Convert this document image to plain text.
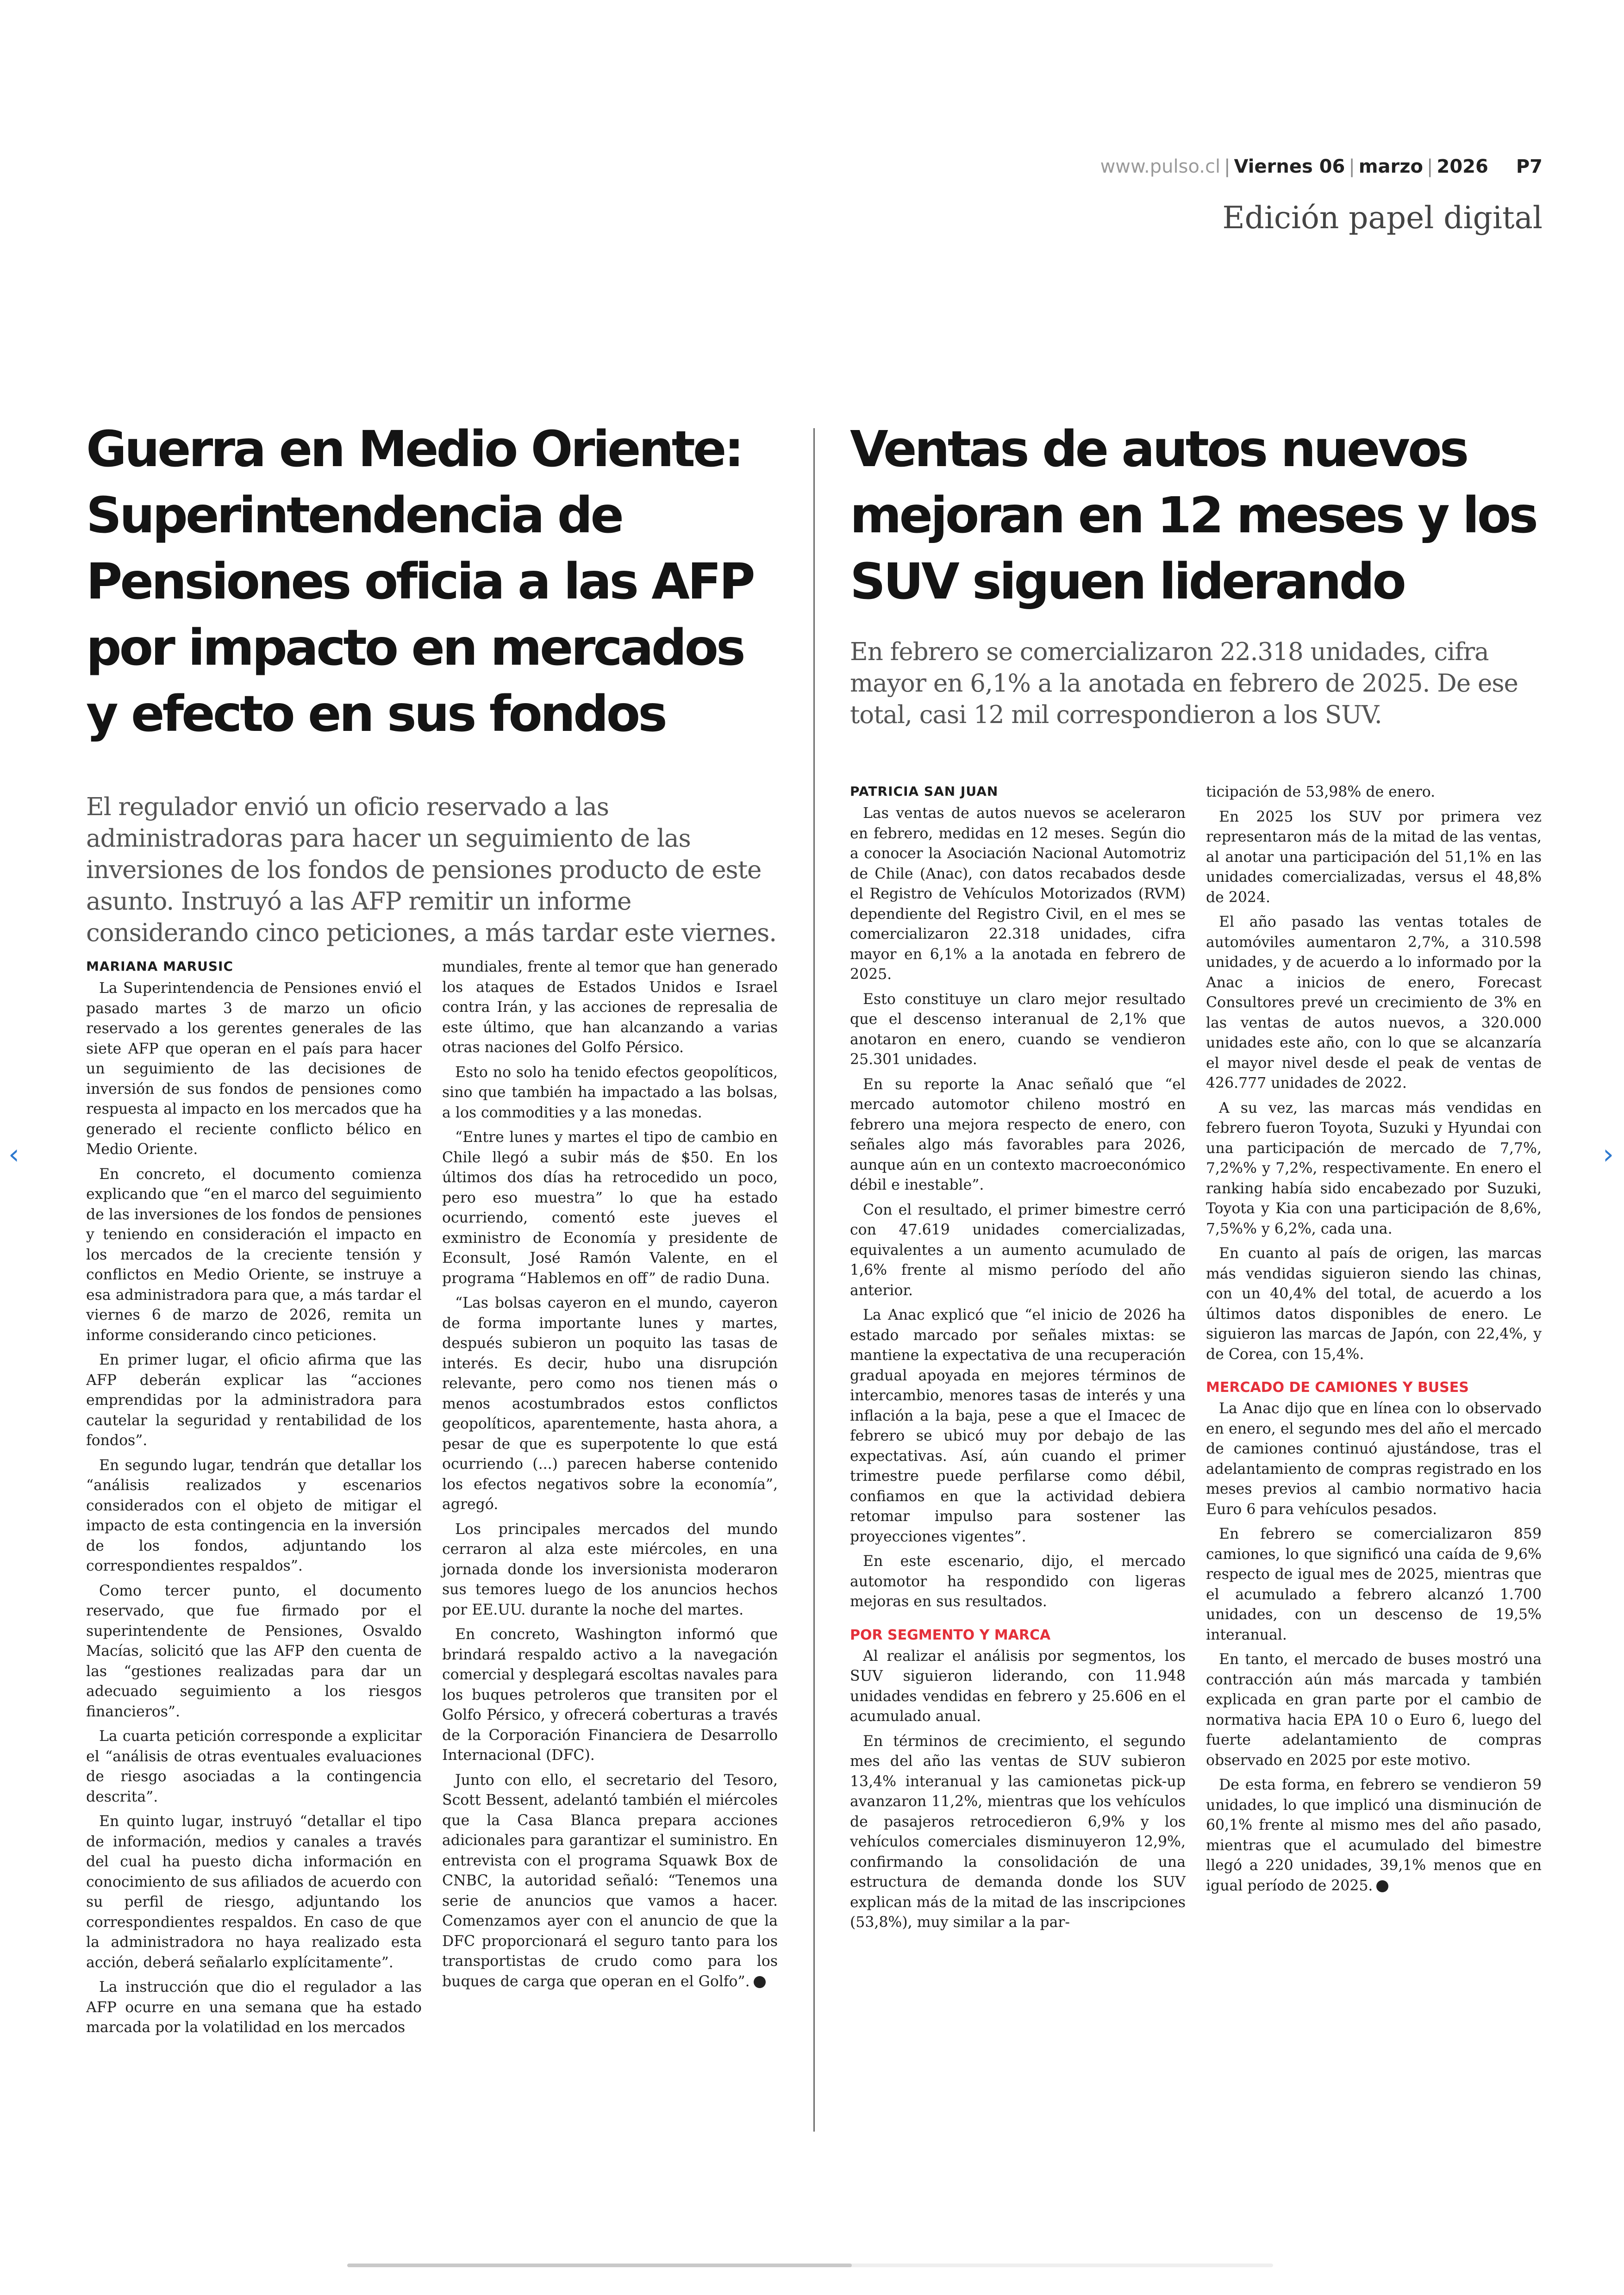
www.pulso.cl | Viernes 06 | marzo | 2026 P7
Edición papel digital
‹	›
Guerra en Medio Oriente: Superintendencia de Pensiones oficia a las AFP por impacto en mercados y efecto en sus fondos

El regulador envió un oficio reservado a las administradoras para hacer un seguimiento de las inversiones de los fondos de pensiones producto de este asunto. Instruyó a las AFP remitir un informe considerando cinco peticiones, a más tardar este viernes.

MARIANA MARUSIC

La Superintendencia de Pensiones envió el pasado martes 3 de marzo un oficio reservado a los gerentes generales de las siete AFP que operan en el país para hacer un seguimiento de las decisiones de inversión de sus fondos de pensiones como respuesta al impacto en los mercados que ha generado el reciente conflicto bélico en Medio Oriente.

En concreto, el documento comienza explicando que “en el marco del seguimiento de las inversiones de los fondos de pensiones y teniendo en consideración el impacto en los mercados de la creciente tensión y conflictos en Medio Oriente, se instruye a esa administradora para que, a más tardar el viernes 6 de marzo de 2026, remita un informe considerando cinco peticiones.

En primer lugar, el oficio afirma que las AFP deberán explicar las “acciones emprendidas por la administradora para cautelar la seguridad y rentabilidad de los fondos”.

En segundo lugar, tendrán que detallar los “análisis realizados y escenarios considerados con el objeto de mitigar el impacto de esta contingencia en la inversión de los fondos, adjuntando los correspondientes respaldos”.

Como tercer punto, el documento reservado, que fue firmado por el superintendente de Pensiones, Osvaldo Macías, solicitó que las AFP den cuenta de las “gestiones realizadas para dar un adecuado seguimiento a los riesgos financieros”.

La cuarta petición corresponde a explicitar el “análisis de otras eventuales evaluaciones de riesgo asociadas a la contingencia descrita”.

En quinto lugar, instruyó “detallar el tipo de información, medios y canales a través del cual ha puesto dicha información en conocimiento de sus afiliados de acuerdo con su perfil de riesgo, adjuntando los correspondientes respaldos. En caso de que la administradora no haya realizado esta acción, deberá señalarlo explícitamente”.

La instrucción que dio el regulador a las AFP ocurre en una semana que ha estado marcada por la volatilidad en los mercados

mundiales, frente al temor que han generado los ataques de Estados Unidos e Israel contra Irán, y las acciones de represalia de este último, que han alcanzando a varias otras naciones del Golfo Pérsico.

Esto no solo ha tenido efectos geopolíticos, sino que también ha impactado a las bolsas, a los commodities y a las monedas.

“Entre lunes y martes el tipo de cambio en Chile llegó a subir más de $50. En los últimos dos días ha retrocedido un poco, pero eso muestra” lo que ha estado ocurriendo, comentó este jueves el exministro de Economía y presidente de Econsult, José Ramón Valente, en el programa “Hablemos en off” de radio Duna.

“Las bolsas cayeron en el mundo, cayeron de forma importante lunes y martes, después subieron un poquito las tasas de interés. Es decir, hubo una disrupción relevante, pero como nos tienen más o menos acostumbrados estos conflictos geopolíticos, aparentemente, hasta ahora, a pesar de que es superpotente lo que está ocurriendo (...) parecen haberse contenido los efectos negativos sobre la economía”, agregó.

Los principales mercados del mundo cerraron al alza este miércoles, en una jornada donde los inversionista moderaron sus temores luego de los anuncios hechos por EE.UU. durante la noche del martes.

En concreto, Washington informó que brindará respaldo activo a la navegación comercial y desplegará escoltas navales para los buques petroleros que transiten por el Golfo Pérsico, y ofrecerá coberturas a través de la Corporación Financiera de Desarrollo Internacional (DFC).

Junto con ello, el secretario del Tesoro, Scott Bessent, adelantó también el miércoles que la Casa Blanca prepara acciones adicionales para garantizar el suministro. En entrevista con el programa Squawk Box de CNBC, la autoridad señaló: “Tenemos una serie de anuncios que vamos a hacer. Comenzamos ayer con el anuncio de que la DFC proporcionará el seguro tanto para los transportistas de crudo como para los buques de carga que operan en el Golfo”. P

Ventas de autos nuevos mejoran en 12 meses y los SUV siguen liderando

En febrero se comercializaron 22.318 unidades, cifra mayor en 6,1% a la anotada en febrero de 2025. De ese total, casi 12 mil correspondieron a los SUV.

PATRICIA SAN JUAN

Las ventas de autos nuevos se aceleraron en febrero, medidas en 12 meses. Según dio a conocer la Asociación Nacional Automotriz de Chile (Anac), con datos recabados desde el Registro de Vehículos Motorizados (RVM) dependiente del Registro Civil, en el mes se comercializaron 22.318 unidades, cifra mayor en 6,1% a la anotada en febrero de 2025.

Esto constituye un claro mejor resultado que el descenso interanual de 2,1% que anotaron en enero, cuando se vendieron 25.301 unidades.

En su reporte la Anac señaló que “el mercado automotor chileno mostró en febrero una mejora respecto de enero, con señales algo más favorables para 2026, aunque aún en un contexto macroeconómico débil e inestable”.

Con el resultado, el primer bimestre cerró con 47.619 unidades comercializadas, equivalentes a un aumento acumulado de 1,6% frente al mismo período del año anterior.

La Anac explicó que “el inicio de 2026 ha estado marcado por señales mixtas: se mantiene la expectativa de una recuperación gradual apoyada en mejores términos de intercambio, menores tasas de interés y una inflación a la baja, pese a que el Imacec de febrero se ubicó muy por debajo de las expectativas. Así, aún cuando el primer trimestre puede perfilarse como débil, confiamos en que la actividad debiera retomar impulso para sostener las proyecciones vigentes”.

En este escenario, dijo, el mercado automotor ha respondido con ligeras mejoras en sus resultados.

POR SEGMENTO Y MARCA

Al realizar el análisis por segmentos, los SUV siguieron liderando, con 11.948 unidades vendidas en febrero y 25.606 en el acumulado anual.

En términos de crecimiento, el segundo mes del año las ventas de SUV subieron 13,4% interanual y las camionetas pick-up avanzaron 11,2%, mientras que los vehículos de pasajeros retrocedieron 6,9% y los vehículos comerciales disminuyeron 12,9%, confirmando la consolidación de una estructura de demanda donde los SUV explican más de la mitad de las inscripciones (53,8%), muy similar a la par-

ticipación de 53,98% de enero.

En 2025 los SUV por primera vez representaron más de la mitad de las ventas, al anotar una participación del 51,1% en las unidades comercializadas, versus el 48,8% de 2024.

El año pasado las ventas totales de automóviles aumentaron 2,7%, a 310.598 unidades, y de acuerdo a lo informado por la Anac a inicios de enero, Forecast Consultores prevé un crecimiento de 3% en las ventas de autos nuevos, a 320.000 unidades este año, con lo que se alcanzaría el mayor nivel desde el peak de ventas de 426.777 unidades de 2022.

A su vez, las marcas más vendidas en febrero fueron Toyota, Suzuki y Hyundai con una participación de mercado de 7,7%, 7,2%% y 7,2%, respectivamente. En enero el ranking había sido encabezado por Suzuki, Toyota y Kia con una participación de 8,6%, 7,5%% y 6,2%, cada una.

En cuanto al país de origen, las marcas más vendidas siguieron siendo las chinas, con un 40,4% del total, de acuerdo a los últimos datos disponibles de enero. Le siguieron las marcas de Japón, con 22,4%, y de Corea, con 15,4%.

MERCADO DE CAMIONES Y BUSES

La Anac dijo que en línea con lo observado en enero, el segundo mes del año el mercado de camiones continuó ajustándose, tras el adelantamiento de compras registrado en los meses previos al cambio normativo hacia Euro 6 para vehículos pesados.

En febrero se comercializaron 859 camiones, lo que significó una caída de 9,6% respecto de igual mes de 2025, mientras que el acumulado a febrero alcanzó 1.700 unidades, con un descenso de 19,5% interanual.

En tanto, el mercado de buses mostró una contracción aún más marcada y también explicada en gran parte por el cambio de normativa hacia EPA 10 o Euro 6, luego del fuerte adelantamiento de compras observado en 2025 por este motivo.

De esta forma, en febrero se vendieron 59 unidades, lo que implicó una disminución de 60,1% frente al mismo mes del año pasado, mientras que el acumulado del bimestre llegó a 220 unidades, 39,1% menos que en igual período de 2025. P
